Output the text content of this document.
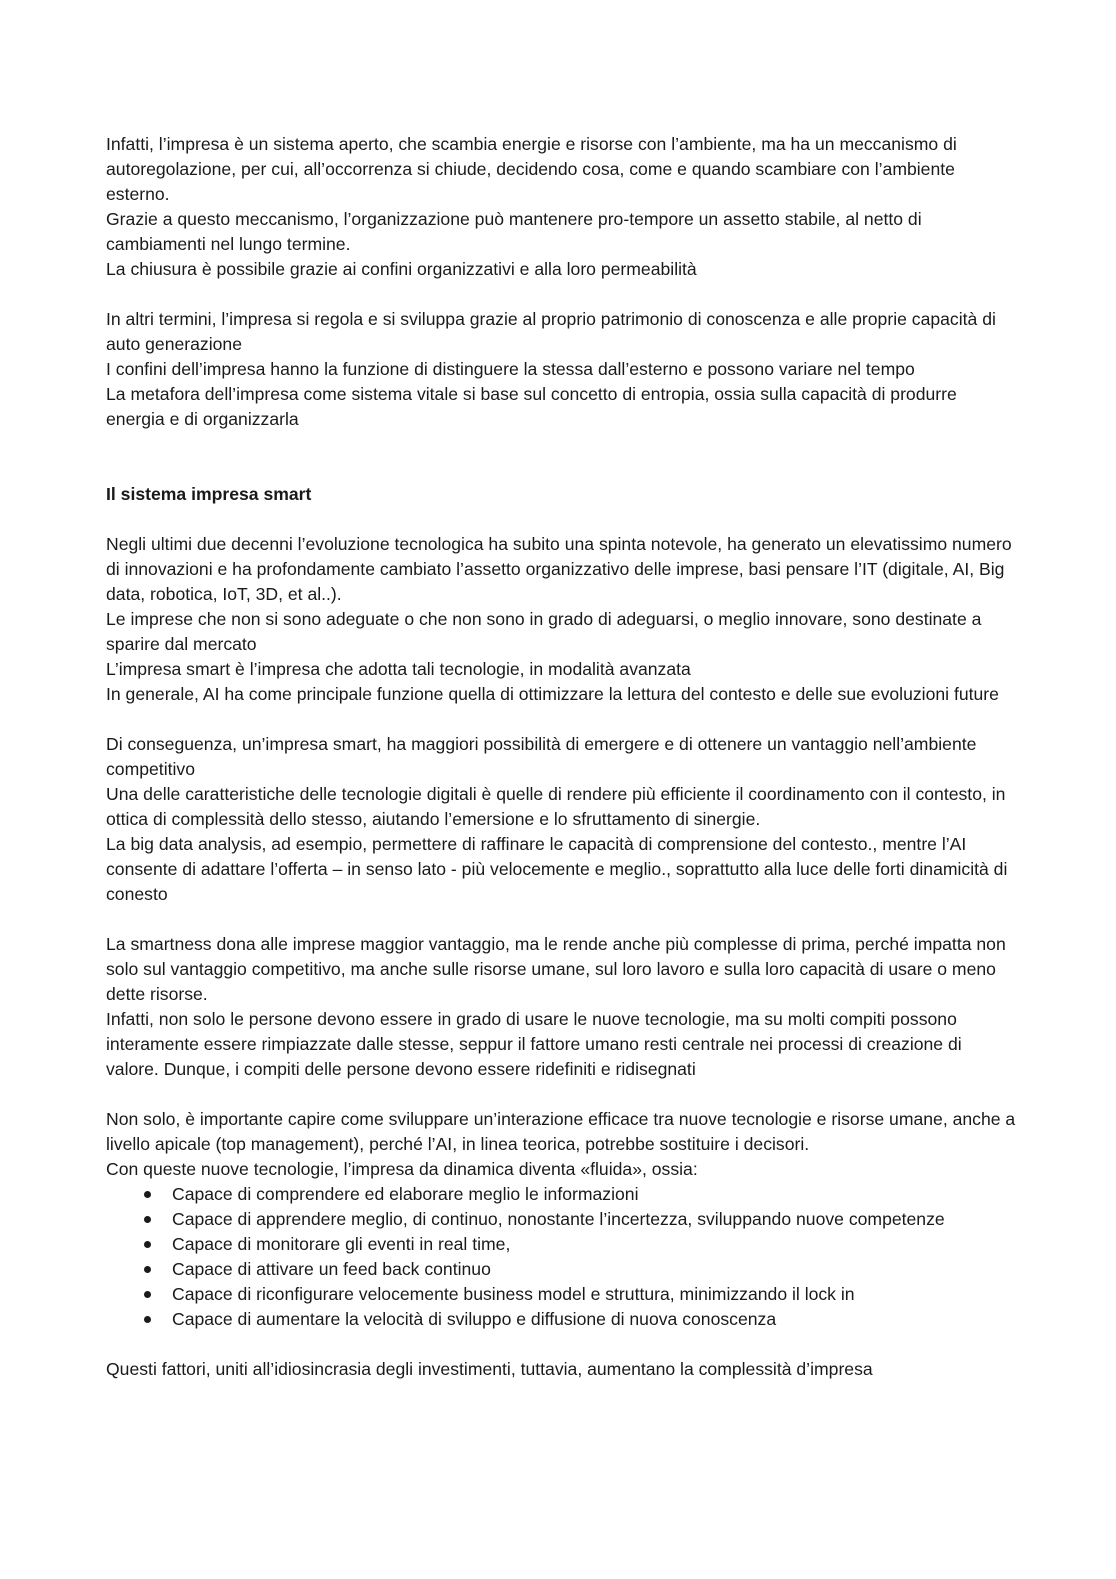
Infatti, l’impresa è un sistema aperto, che scambia energie e risorse con l’ambiente, ma ha un meccanismo di autoregolazione, per cui, all’occorrenza si chiude, decidendo cosa, come e quando scambiare con l’ambiente esterno.

Grazie a questo meccanismo, l’organizzazione può mantenere pro-tempore un assetto stabile, al netto di cambiamenti nel lungo termine.

La chiusura è possibile grazie ai confini organizzativi e alla loro permeabilità

In altri termini, l’impresa si regola e si sviluppa grazie al proprio patrimonio di conoscenza e alle proprie capacità di auto generazione

I confini dell’impresa hanno la funzione di distinguere la stessa dall’esterno e possono variare nel tempo

La metafora dell’impresa come sistema vitale si base sul concetto di entropia, ossia sulla capacità di produrre energia e di organizzarla

Il sistema impresa smart

Negli ultimi due decenni l’evoluzione tecnologica ha subito una spinta notevole, ha generato un elevatissimo numero di innovazioni e ha profondamente cambiato l’assetto organizzativo delle imprese, basi pensare l’IT (digitale, AI, Big data, robotica, IoT, 3D, et al..).

Le imprese che non si sono adeguate o che non sono in grado di adeguarsi, o meglio innovare, sono destinate a sparire dal mercato

L’impresa smart è l’impresa che adotta tali tecnologie, in modalità avanzata

In generale, AI ha come principale funzione quella di ottimizzare la lettura del contesto e delle sue evoluzioni future

Di conseguenza, un’impresa smart, ha maggiori possibilità di emergere e di ottenere un vantaggio nell’ambiente competitivo

Una delle caratteristiche delle tecnologie digitali è quelle di rendere più efficiente il coordinamento con il contesto, in ottica di complessità dello stesso, aiutando l’emersione e lo sfruttamento di sinergie.

La big data analysis, ad esempio, permettere di raffinare le capacità di comprensione del contesto., mentre l’AI consente di adattare l’offerta – in senso lato - più velocemente e meglio., soprattutto alla luce delle forti dinamicità di conesto

La smartness dona alle imprese maggior vantaggio, ma le rende anche più complesse di prima, perché impatta non solo sul vantaggio competitivo, ma anche sulle risorse umane, sul loro lavoro e sulla loro capacità di usare o meno dette risorse.

Infatti, non solo le persone devono essere in grado di usare le nuove tecnologie, ma su molti compiti possono interamente essere rimpiazzate dalle stesse, seppur il fattore umano resti centrale nei processi di creazione di valore. Dunque, i compiti delle persone devono essere ridefiniti e ridisegnati

Non solo, è importante capire come sviluppare un’interazione efficace tra nuove tecnologie e risorse umane, anche a livello apicale (top management), perché l’AI, in linea teorica, potrebbe sostituire i decisori.

Con queste nuove tecnologie, l’impresa da dinamica diventa «fluida», ossia:

Capace di comprendere ed elaborare meglio le informazioni
Capace di apprendere meglio, di continuo, nonostante l’incertezza, sviluppando nuove competenze
Capace di monitorare gli eventi in real time,
Capace di attivare un feed back continuo
Capace di riconfigurare velocemente business model e struttura, minimizzando il lock in
Capace di aumentare la velocità di sviluppo e diffusione di nuova conoscenza

Questi fattori, uniti all’idiosincrasia degli investimenti, tuttavia, aumentano la complessità d’impresa
